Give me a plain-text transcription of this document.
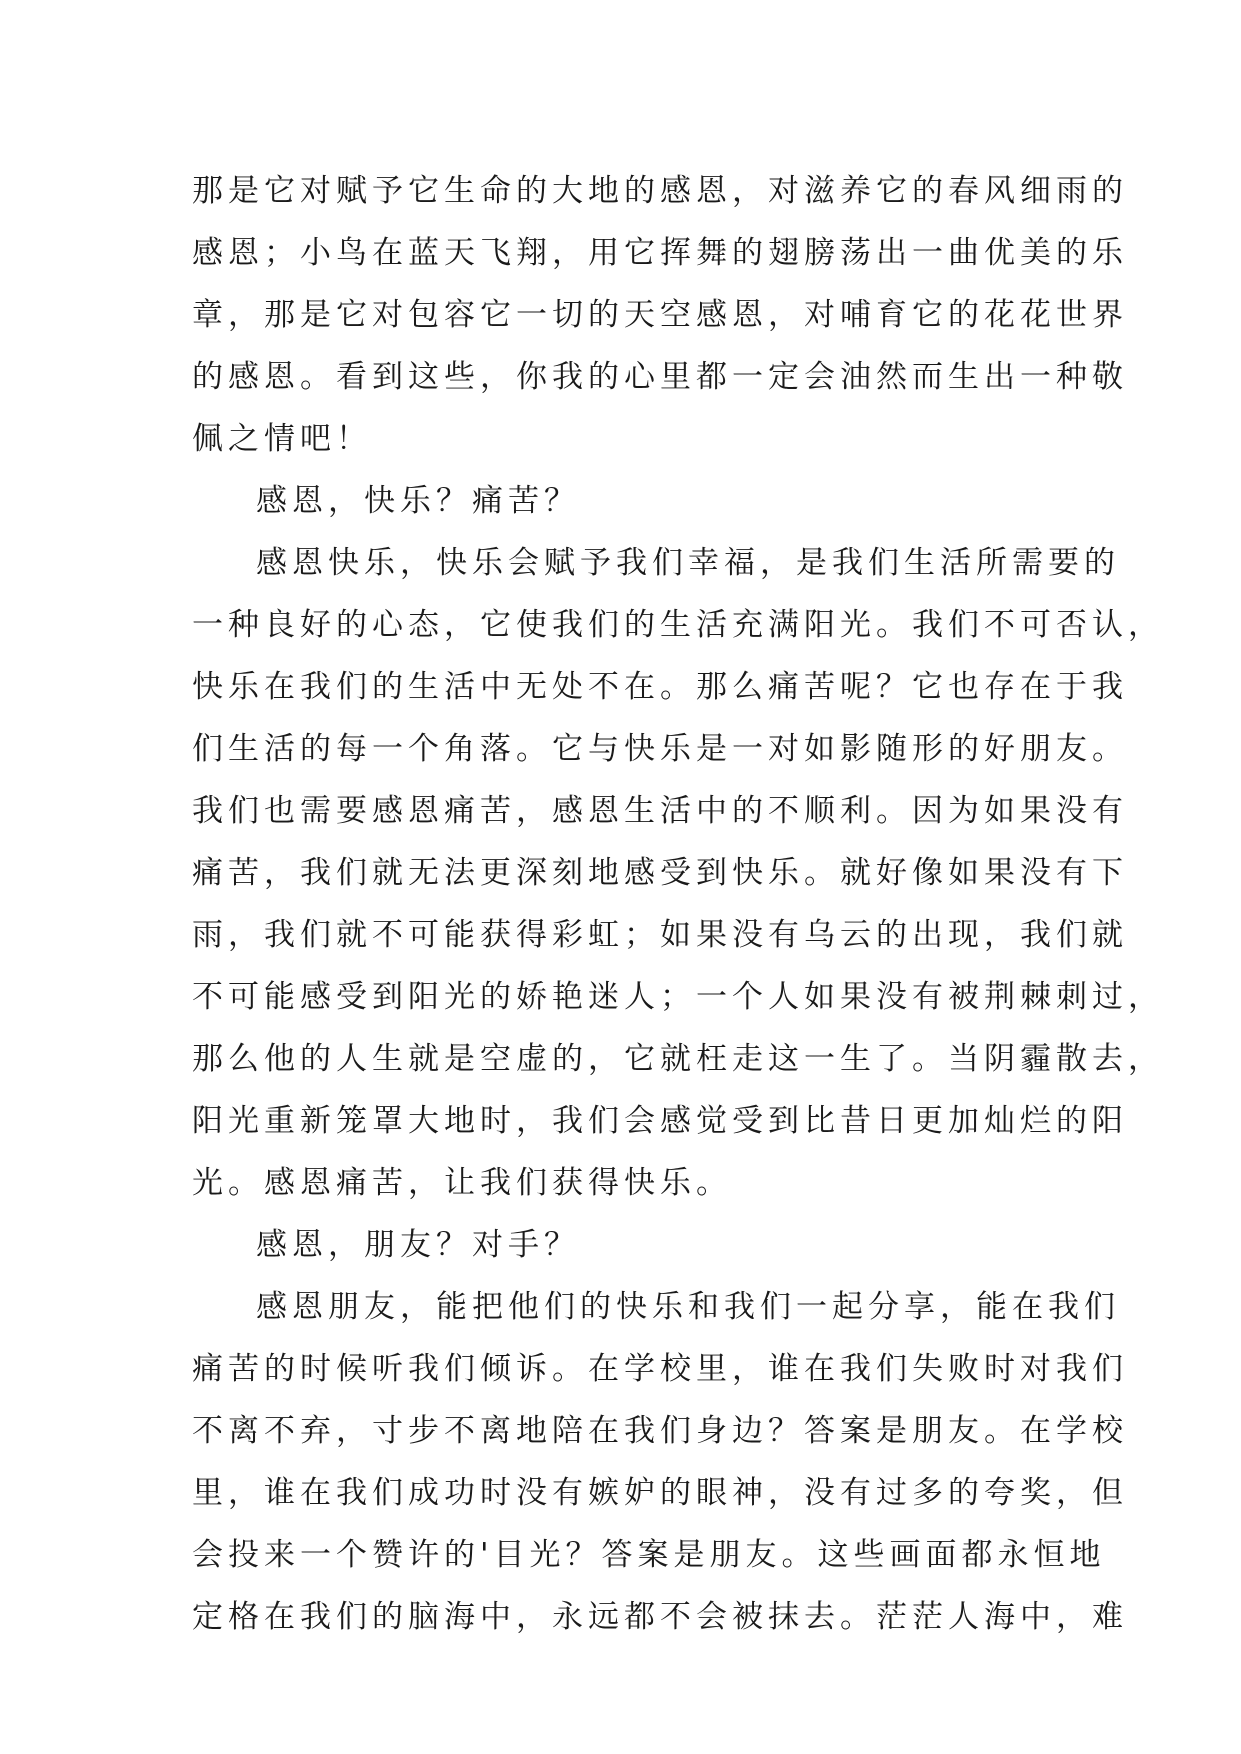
那是它对赋予它生命的大地的感恩，对滋养它的春风细雨的
感恩；小鸟在蓝天飞翔，用它挥舞的翅膀荡出一曲优美的乐
章，那是它对包容它一切的天空感恩，对哺育它的花花世界
的感恩。看到这些，你我的心里都一定会油然而生出一种敬
佩之情吧！
感恩，快乐？痛苦？
感恩快乐，快乐会赋予我们幸福，是我们生活所需要的
一种良好的心态，它使我们的生活充满阳光。我们不可否认，
快乐在我们的生活中无处不在。那么痛苦呢？它也存在于我
们生活的每一个角落。它与快乐是一对如影随形的好朋友。
我们也需要感恩痛苦，感恩生活中的不顺利。因为如果没有
痛苦，我们就无法更深刻地感受到快乐。就好像如果没有下
雨，我们就不可能获得彩虹；如果没有乌云的出现，我们就
不可能感受到阳光的娇艳迷人；一个人如果没有被荆棘刺过，
那么他的人生就是空虚的，它就枉走这一生了。当阴霾散去，
阳光重新笼罩大地时，我们会感觉受到比昔日更加灿烂的阳
光。感恩痛苦，让我们获得快乐。
感恩，朋友？对手？
感恩朋友，能把他们的快乐和我们一起分享，能在我们
痛苦的时候听我们倾诉。在学校里，谁在我们失败时对我们
不离不弃，寸步不离地陪在我们身边？答案是朋友。在学校
里，谁在我们成功时没有嫉妒的眼神，没有过多的夸奖，但
会投来一个赞许的'目光？答案是朋友。这些画面都永恒地
定格在我们的脑海中，永远都不会被抹去。茫茫人海中，难
